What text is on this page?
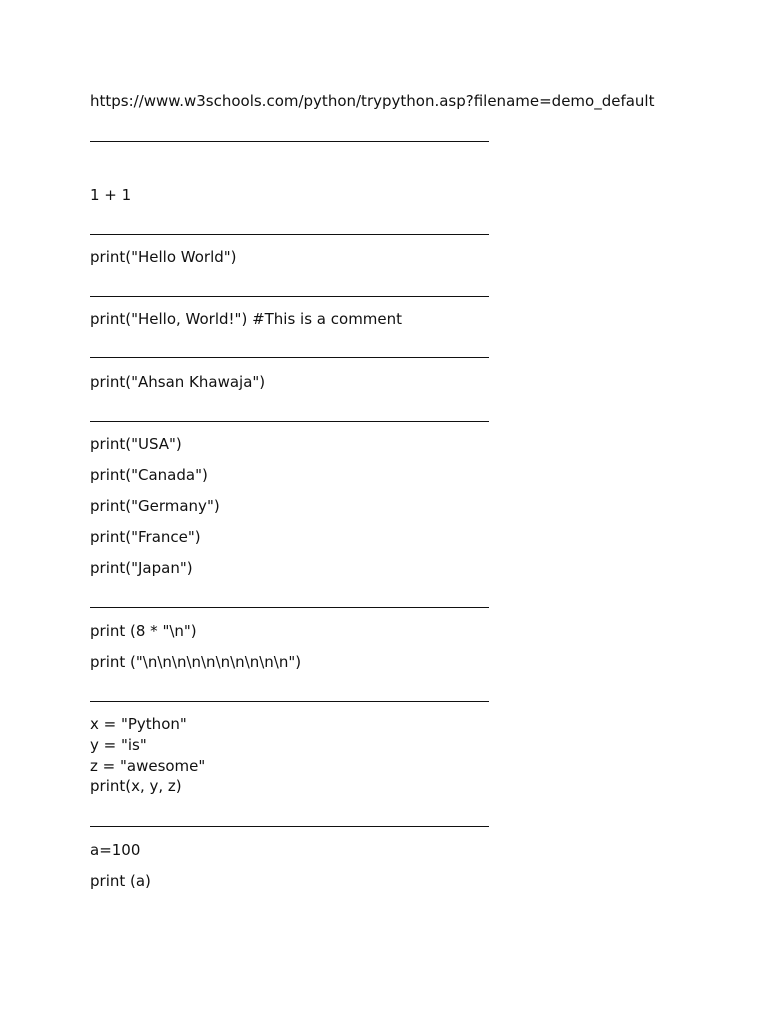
https://www.w3schools.com/python/trypython.asp?filename=demo_default

1 + 1

print("Hello World")

print("Hello, World!") #This is a comment

print("Ahsan Khawaja")

print("USA")

print("Canada")

print("Germany")

print("France")

print("Japan")

print (8 * "\n")

print ("\n\n\n\n\n\n\n\n\n\n")

x = "Python"

y = "is"

z = "awesome"

print(x, y, z)

a=100

print (a)
